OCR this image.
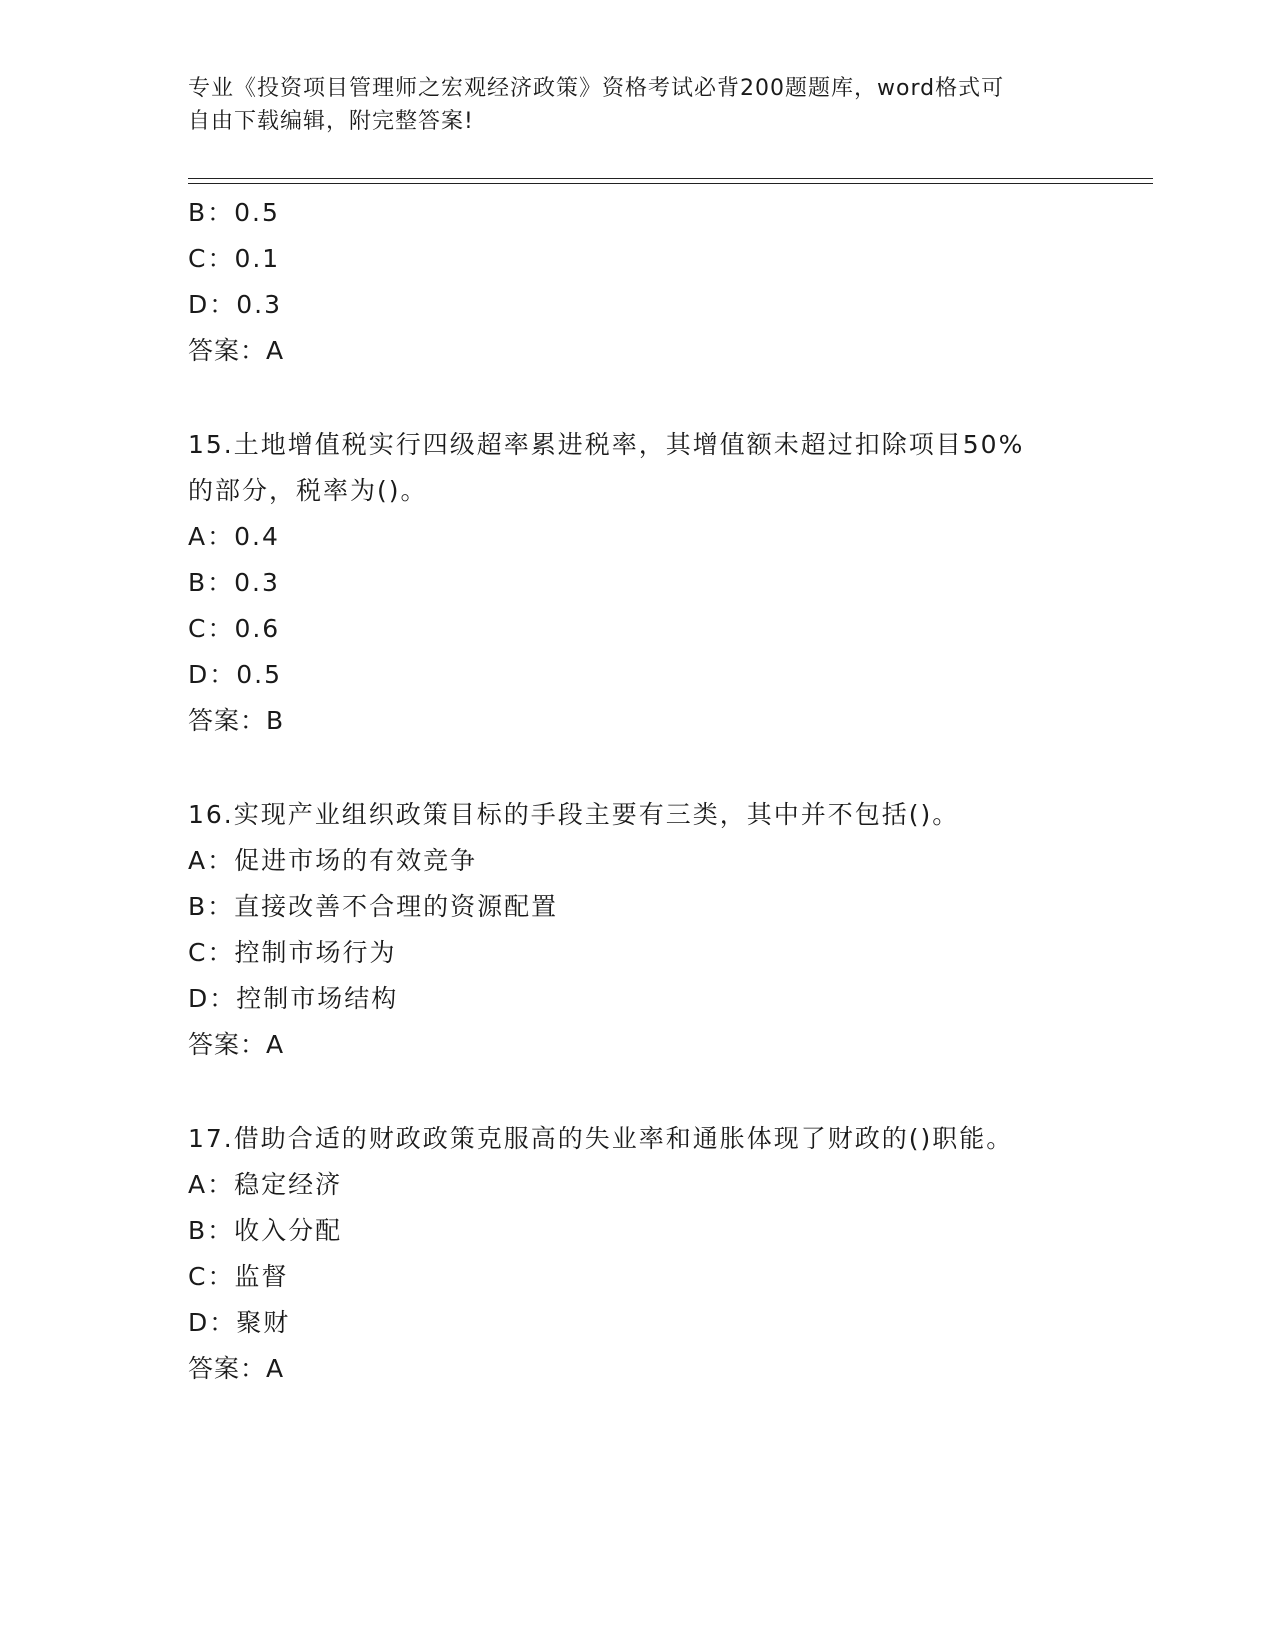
专业《投资项目管理师之宏观经济政策》资格考试必背200题题库，word格式可
自由下载编辑，附完整答案!
B：0.5
C：0.1
D：0.3
答案：A
15.土地增值税实行四级超率累进税率，其增值额未超过扣除项目50%
的部分，税率为()。
A：0.4
B：0.3
C：0.6
D：0.5
答案：B
16.实现产业组织政策目标的手段主要有三类，其中并不包括()。
A：促进市场的有效竞争
B：直接改善不合理的资源配置
C：控制市场行为
D：控制市场结构
答案：A
17.借助合适的财政政策克服高的失业率和通胀体现了财政的()职能。
A：稳定经济
B：收入分配
C：监督
D：聚财
答案：A
